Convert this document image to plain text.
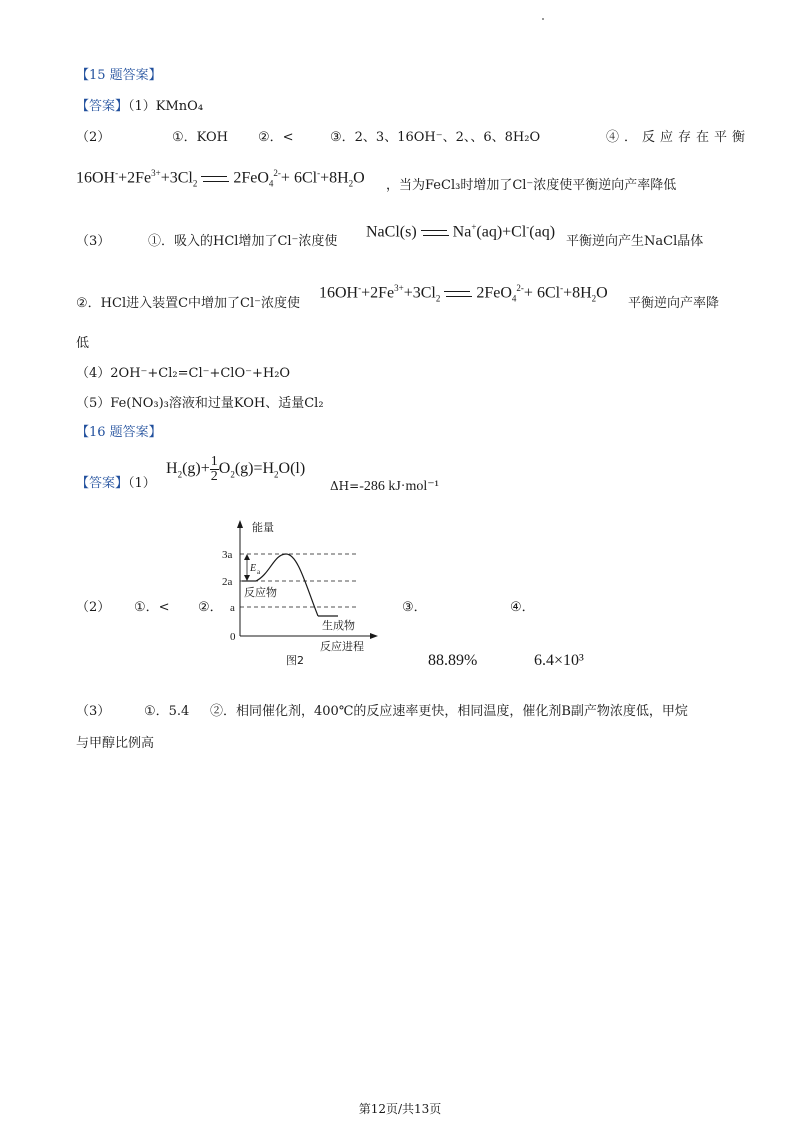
【15 题答案】
【答案】（1）KMnO₄
（2）	①．KOH ②．<	③．2、3、16OH⁻、2、、6、8H₂O	④．反应存在平衡
$16OH^-+2Fe^{3+}+3Cl_2$
$2FeO_4^{2-}+ 6Cl^-+8H_2O$ ，当为FeCl₃时增加了Cl⁻浓度使平衡逆向产率降低
（3）	①．吸入的HCl增加了Cl⁻浓度使
NaCl(s)
Na+(aq)+Cl-(aq)
平衡逆向产生NaCl晶体
②．HCl进入装置C中增加了Cl⁻浓度使
$16OH^-+2Fe^{3+}+3Cl_2$
$2FeO_4^{2-}+ 6Cl^-+8H_2O$
平衡逆向产率降
低
（4）2OH⁻+Cl₂=Cl⁻+ClO⁻+H₂O
（5）Fe(NO₃)₃溶液和过量KOH、适量Cl₂
【16 题答案】
【答案】（1）
$H_2(g)+ \frac{1}{2} O_2(g)=H_2O(l)$
ΔH=-286 kJ·mol⁻¹
（2） ①．< ②．	③．	④．
88.89%	6.4×10³
能量
3a
2a
a
0
E a
反应物
生成物
反应进程
图2
（3）	①．5.4 ②．相同催化剂，400℃的反应速率更快，相同温度，催化剂B副产物浓度低，甲烷
与甲醇比例高
第12页/共13页
